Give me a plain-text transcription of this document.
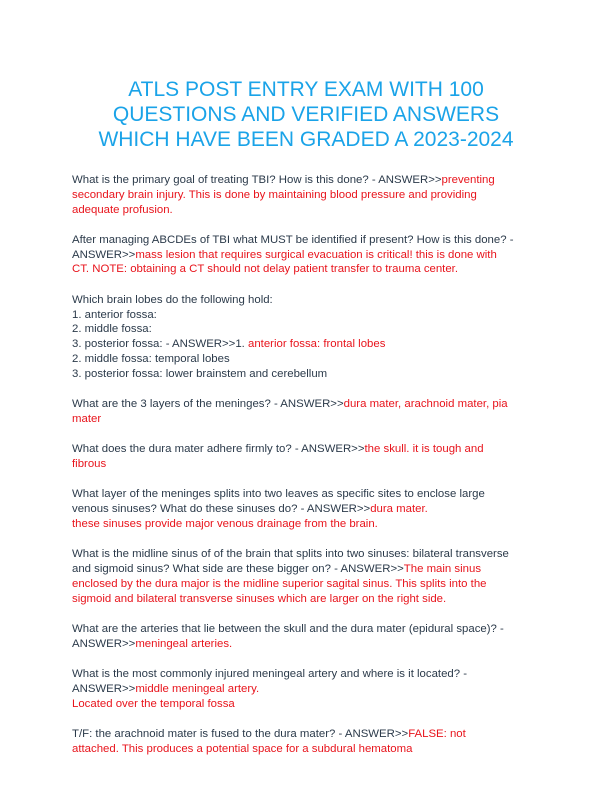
ATLS POST ENTRY EXAM WITH 100
QUESTIONS AND VERIFIED ANSWERS
WHICH HAVE BEEN GRADED A 2023-2024
What is the primary goal of treating TBI? How is this done? - ANSWER>>preventing
secondary brain injury. This is done by maintaining blood pressure and providing
adequate profusion.
After managing ABCDEs of TBI what MUST be identified if present? How is this done? -
ANSWER>>mass lesion that requires surgical evacuation is critical! this is done with
CT. NOTE: obtaining a CT should not delay patient transfer to trauma center.
Which brain lobes do the following hold:
1. anterior fossa:
2. middle fossa:
3. posterior fossa: - ANSWER>>1. anterior fossa: frontal lobes
2. middle fossa: temporal lobes
3. posterior fossa: lower brainstem and cerebellum
What are the 3 layers of the meninges? - ANSWER>>dura mater, arachnoid mater, pia
mater
What does the dura mater adhere firmly to? - ANSWER>>the skull. it is tough and
fibrous
What layer of the meninges splits into two leaves as specific sites to enclose large
venous sinuses? What do these sinuses do? - ANSWER>>dura mater.
these sinuses provide major venous drainage from the brain.
What is the midline sinus of of the brain that splits into two sinuses: bilateral transverse
and sigmoid sinus? What side are these bigger on? - ANSWER>>The main sinus
enclosed by the dura major is the midline superior sagital sinus. This splits into the
sigmoid and bilateral transverse sinuses which are larger on the right side.
What are the arteries that lie between the skull and the dura mater (epidural space)? -
ANSWER>>meningeal arteries.
What is the most commonly injured meningeal artery and where is it located? -
ANSWER>>middle meningeal artery.
Located over the temporal fossa
T/F: the arachnoid mater is fused to the dura mater? - ANSWER>>FALSE: not
attached. This produces a potential space for a subdural hematoma
